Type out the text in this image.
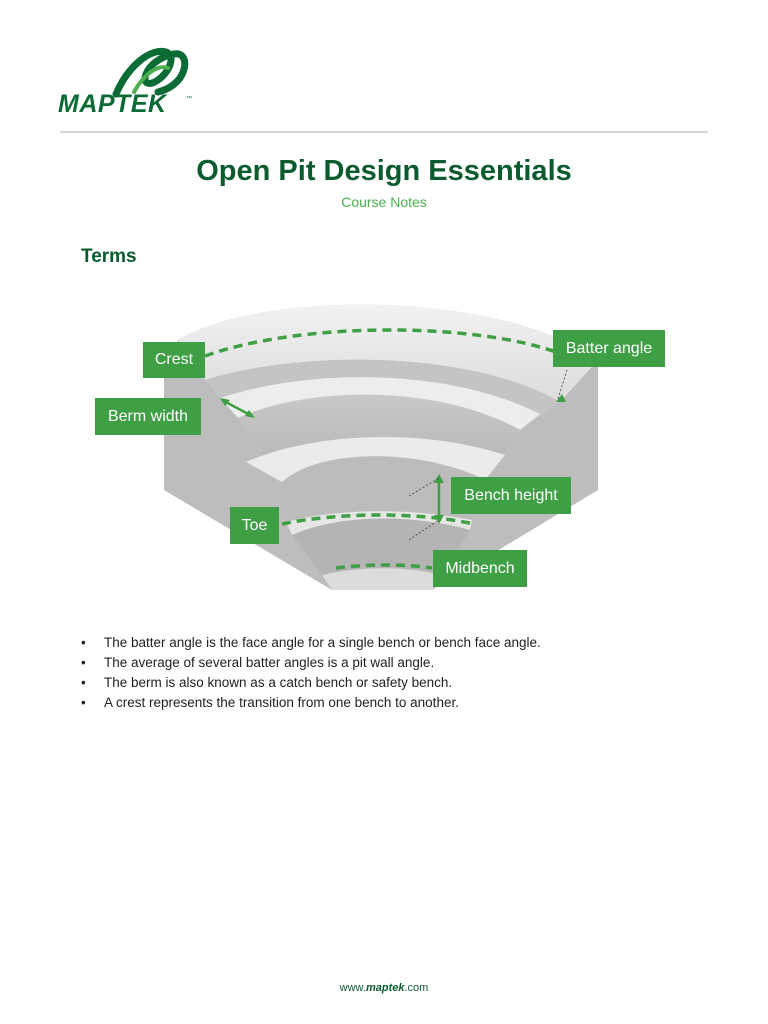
MAPTEK	™
Open Pit Design Essentials
Course Notes
Terms
Crest
Berm width
Batter angle
Bench height
Toe
Midbench
• The batter angle is the face angle for a single bench or bench face angle.
• The average of several batter angles is a pit wall angle.
• The berm is also known as a catch bench or safety bench.
• A crest represents the transition from one bench to another.
www.maptek.com
